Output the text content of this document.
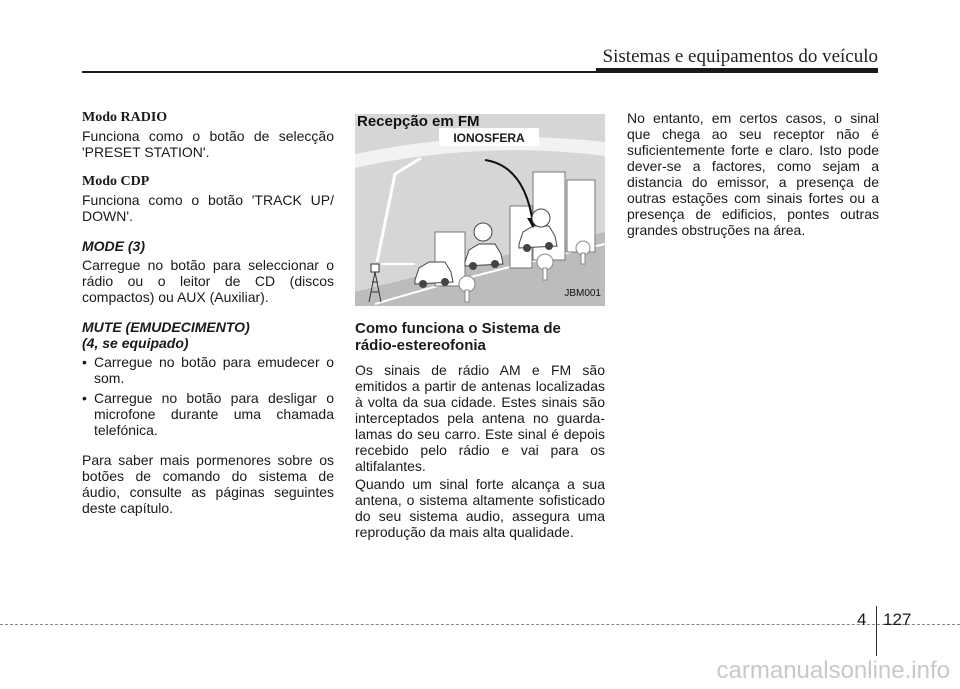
Sistemas e equipamentos do veículo
Modo RADIO

Funciona como o botão de selecção 'PRESET STATION'.

Modo CDP

Funciona como o botão 'TRACK UP/ DOWN'.

MODE (3)

Carregue no botão para seleccionar o rádio ou o leitor de CD (discos compactos) ou AUX (Auxiliar).

MUTE (EMUDECIMENTO)
(4, se equipado)
• Carregue no botão para emudecer o som.
• Carregue no botão para desligar o microfone durante uma chamada telefónica.

Para saber mais pormenores sobre os botões de comando do sistema de áudio, consulte as páginas seguintes deste capítulo.

Recepção em FM
IONOSFERA
JBM001
Como funciona o Sistema de rádio-estereofonia

Os sinais de rádio AM e FM são emitidos a partir de antenas localizadas à volta da sua cidade. Estes sinais são interceptados pela antena no guarda-lamas do seu carro. Este sinal é depois recebido pelo rádio e vai para os altifalantes.

Quando um sinal forte alcança a sua antena, o sistema altamente sofisticado do seu sistema audio, assegura uma reprodução da mais alta qualidade.

No entanto, em certos casos, o sinal que chega ao seu receptor não é suficientemente forte e claro. Isto pode dever-se a factores, como sejam a distancia do emissor, a presença de outras estações com sinais fortes ou a presença de edificios, pontes outras grandes obstruções na área.

4 127
carmanualsonline.info
